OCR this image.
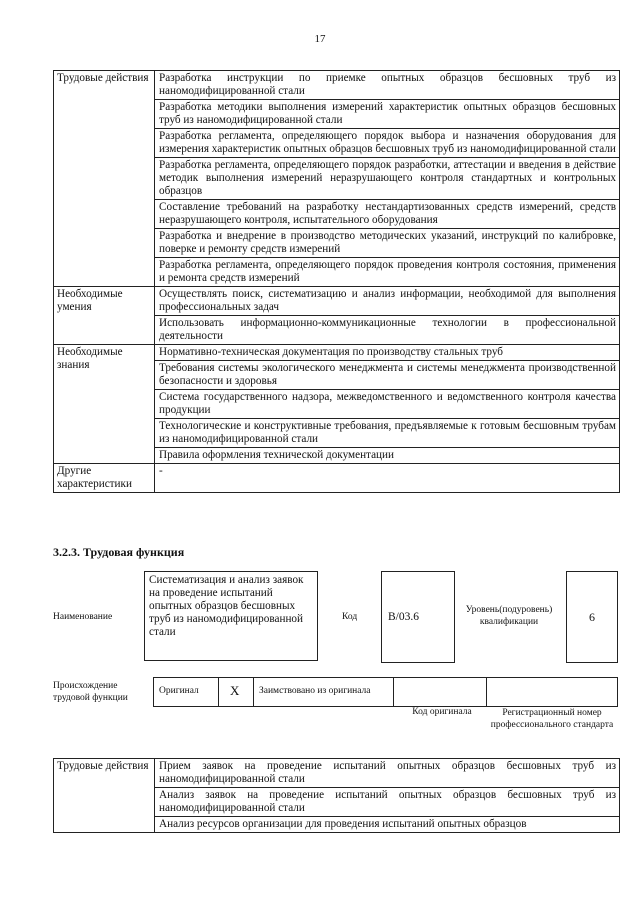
17
Трудовые действия	Разработка инструкции по приемке опытных образцов бесшовных труб из наномодифицированной стали
	Разработка методики выполнения измерений характеристик опытных образцов бесшовных труб из наномодифицированной стали
	Разработка регламента, определяющего порядок выбора и назначения оборудования для измерения характеристик опытных образцов бесшовных труб из наномодифицированной стали
	Разработка регламента, определяющего порядок разработки, аттестации и введения в действие методик выполнения измерений неразрушающего контроля стандартных и контрольных образцов
	Составление требований на разработку нестандартизованных средств измерений, средств неразрушающего контроля, испытательного оборудования
	Разработка и внедрение в производство методических указаний, инструкций по калибровке, поверке и ремонту средств измерений
	Разработка регламента, определяющего порядок проведения контроля состояния, применения и ремонта средств измерений
Необходимые умения	Осуществлять поиск, систематизацию и анализ информации, необходимой для выполнения профессиональных задач
	Использовать информационно-коммуникационные технологии в профессиональной деятельности
Необходимые знания	Нормативно-техническая документация по производству стальных труб
	Требования системы экологического менеджмента и системы менеджмента производственной безопасности и здоровья
	Система государственного надзора, межведомственного и ведомственного контроля качества продукции
	Технологические и конструктивные требования, предъявляемые к готовым бесшовным трубам из наномодифицированной стали
	Правила оформления технической документации
Другие характеристики	-
3.2.3. Трудовая функция
Наименование
Систематизация и анализ заявок на проведение испытаний опытных образцов бесшовных труб из наномодифицированной стали
Код	B/03.6
Уровень(подуровень) квалификации	6
Происхождение трудовой функции
Оригинал X Заимствовано из оригинала
Код оригинала	Регистрационный номер профессионального стандарта
Трудовые действия	Прием заявок на проведение испытаний опытных образцов бесшовных труб из наномодифицированной стали
Анализ заявок на проведение испытаний опытных образцов бесшовных труб из наномодифицированной стали
Анализ ресурсов организации для проведения испытаний опытных образцов
